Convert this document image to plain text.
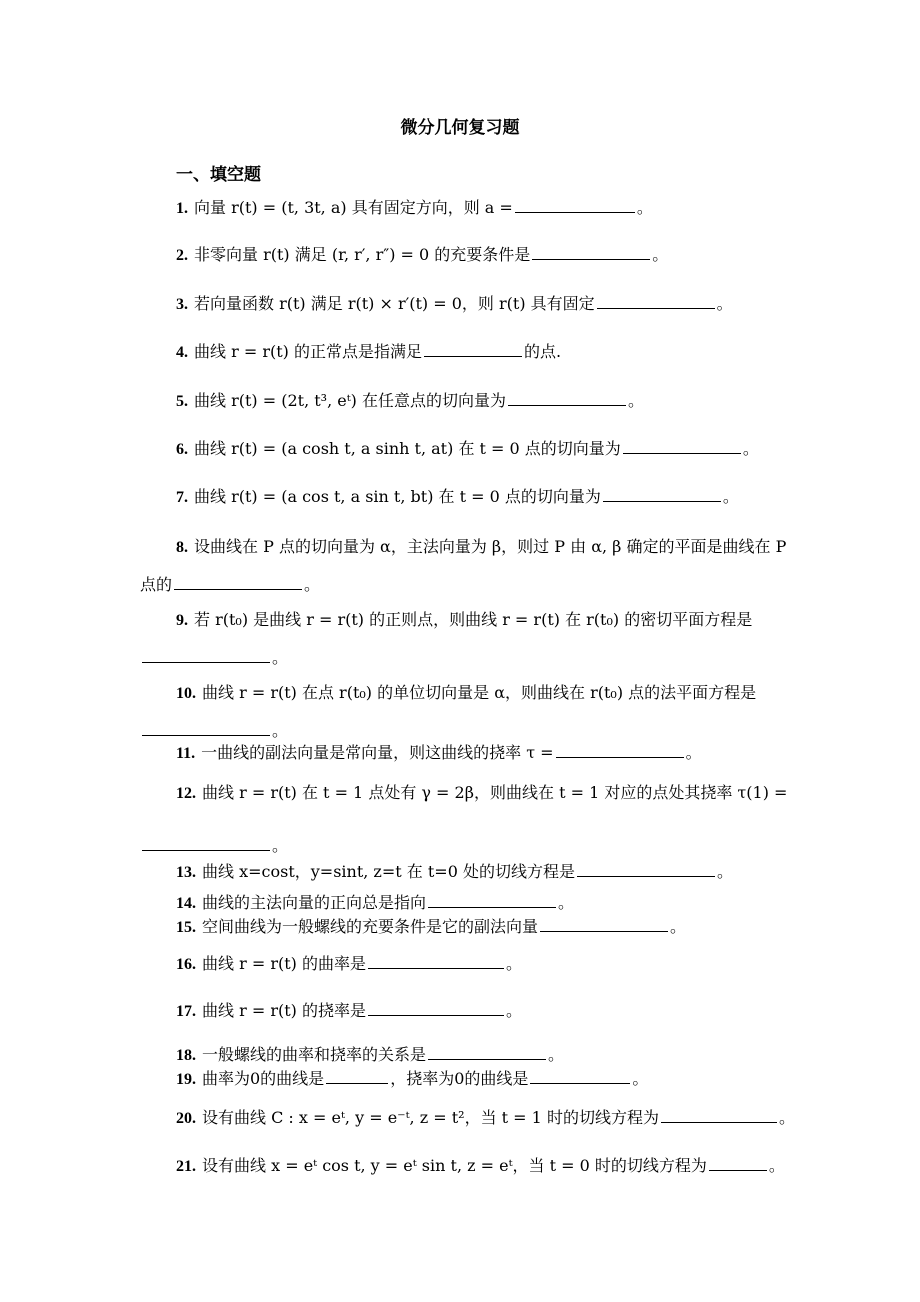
微分几何复习题
一、填空题
1. 向量 r(t) = (t, 3t, a) 具有固定方向，则 a =	。
2. 非零向量 r(t) 满足 (r, r′, r″) = 0 的充要条件是	。
3. 若向量函数 r(t) 满足 r(t) × r′(t) = 0，则 r(t) 具有固定	。
4. 曲线 r = r(t) 的正常点是指满足	的点.
5. 曲线 r(t) = (2t, t³, eᵗ) 在任意点的切向量为	。
6. 曲线 r(t) = (a cosh t, a sinh t, at) 在 t = 0 点的切向量为	。
7. 曲线 r(t) = (a cos t, a sin t, bt) 在 t = 0 点的切向量为	。
8. 设曲线在 P 点的切向量为 α，主法向量为 β，则过 P 由 α, β 确定的平面是曲线在 P 点的	。
9. 若 r(t₀) 是曲线 r = r(t) 的正则点，则曲线 r = r(t) 在 r(t₀) 的密切平面方程是。
10. 曲线 r = r(t) 在点 r(t₀) 的单位切向量是 α，则曲线在 r(t₀) 点的法平面方程是。
11. 一曲线的副法向量是常向量，则这曲线的挠率 τ =	。
12. 曲线 r = r(t) 在 t = 1 点处有 γ = 2β，则曲线在 t = 1 对应的点处其挠率 τ(1) =。
13. 曲线 x=cost，y=sint, z=t 在 t=0 处的切线方程是	。
14. 曲线的主法向量的正向总是指向	。
15. 空间曲线为一般螺线的充要条件是它的副法向量	。
16. 曲线 r = r(t) 的曲率是	。
17. 曲线 r = r(t) 的挠率是	。
18. 一般螺线的曲率和挠率的关系是	。
19. 曲率为0的曲线是	，挠率为0的曲线是	。
20. 设有曲线 C : x = eᵗ, y = e⁻ᵗ, z = t²，当 t = 1 时的切线方程为	。
21. 设有曲线 x = eᵗ cos t, y = eᵗ sin t, z = eᵗ，当 t = 0 时的切线方程为	。
